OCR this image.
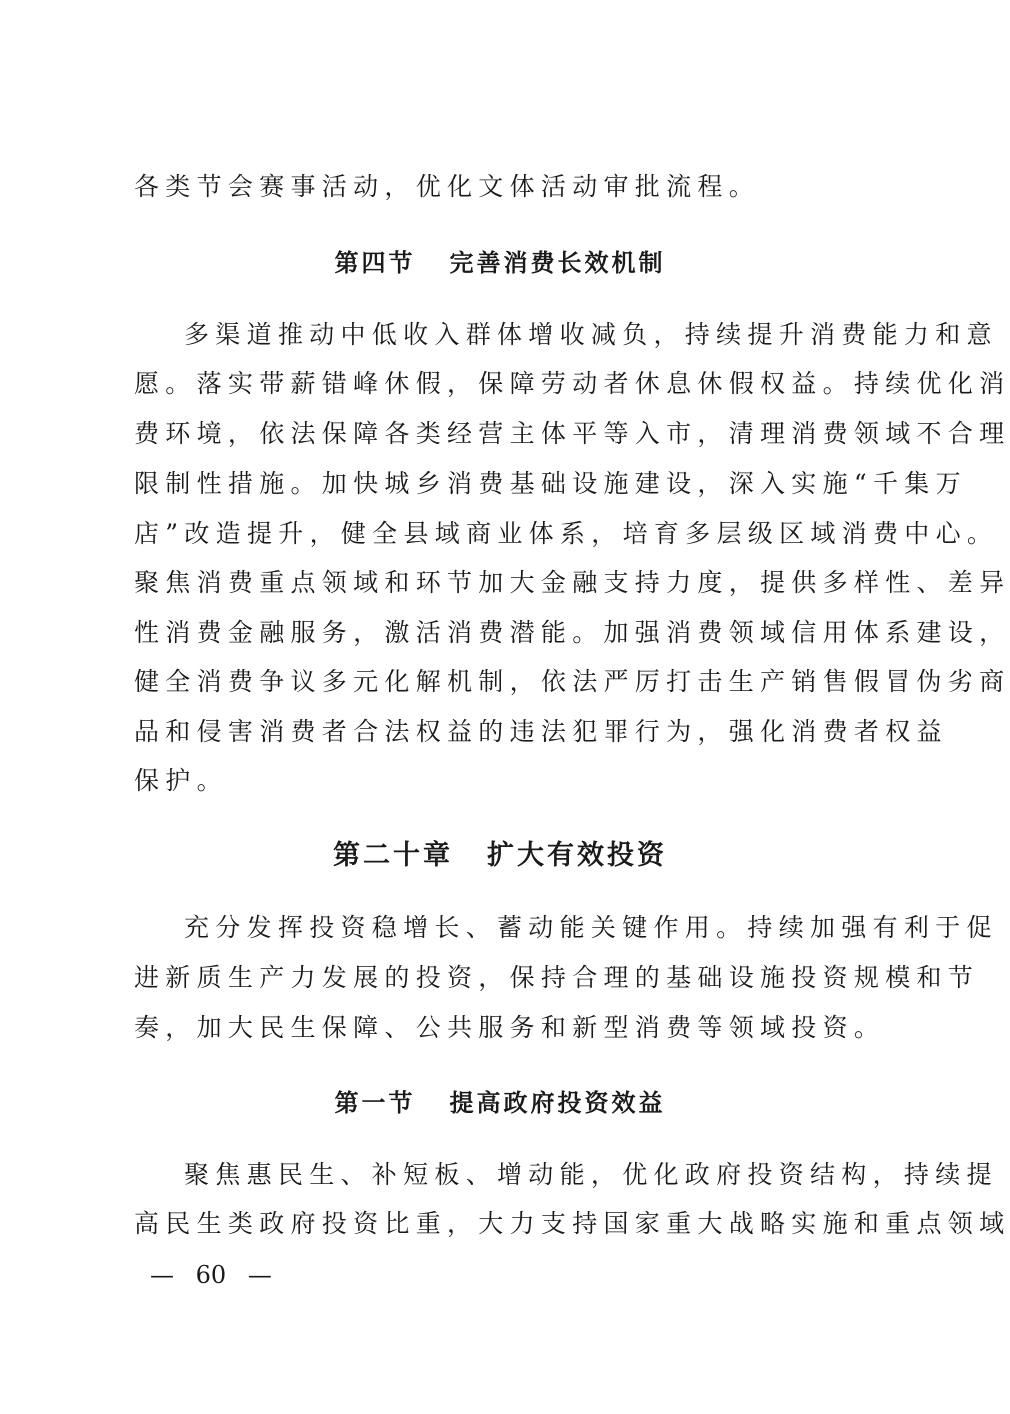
各类节会赛事活动，优化文体活动审批流程。
第四节 完善消费长效机制
多渠道推动中低收入群体增收减负，持续提升消费能力和意
愿。落实带薪错峰休假，保障劳动者休息休假权益。持续优化消
费环境，依法保障各类经营主体平等入市，清理消费领域不合理
限制性措施。加快城乡消费基础设施建设，深入实施“千集万
店”改造提升，健全县域商业体系，培育多层级区域消费中心。
聚焦消费重点领域和环节加大金融支持力度，提供多样性、差异
性消费金融服务，激活消费潜能。加强消费领域信用体系建设，
健全消费争议多元化解机制，依法严厉打击生产销售假冒伪劣商
品和侵害消费者合法权益的违法犯罪行为，强化消费者权益
保护。
第二十章 扩大有效投资
充分发挥投资稳增长、蓄动能关键作用。持续加强有利于促
进新质生产力发展的投资，保持合理的基础设施投资规模和节
奏，加大民生保障、公共服务和新型消费等领域投资。
第一节 提高政府投资效益
聚焦惠民生、补短板、增动能，优化政府投资结构，持续提
高民生类政府投资比重，大力支持国家重大战略实施和重点领域
— 60 —
